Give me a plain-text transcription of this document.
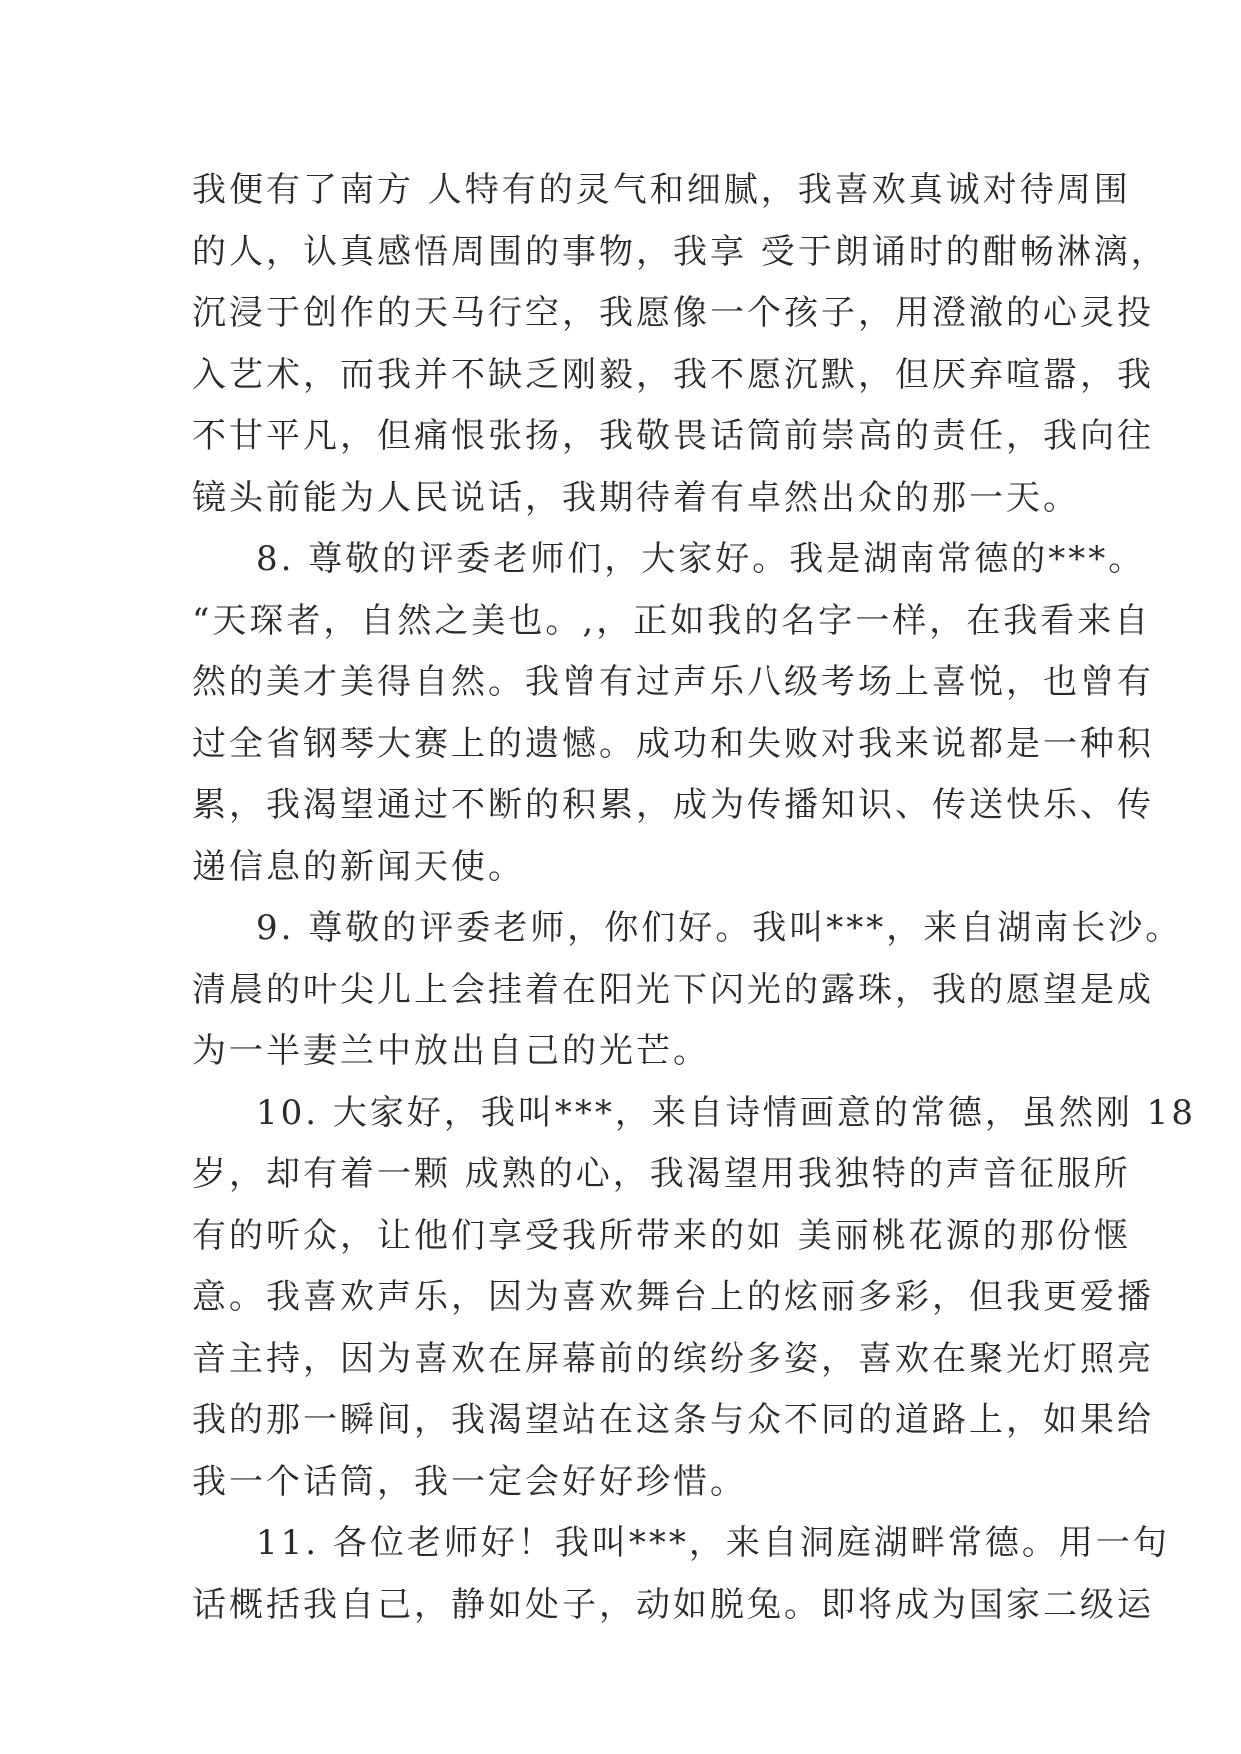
我便有了南方 人特有的灵气和细腻，我喜欢真诚对待周围
的人，认真感悟周围的事物，我享 受于朗诵时的酣畅淋漓，
沉浸于创作的天马行空，我愿像一个孩子，用澄澈的心灵投
入艺术，而我并不缺乏刚毅，我不愿沉默，但厌弃喧嚣，我
不甘平凡，但痛恨张扬，我敬畏话筒前崇高的责任，我向往
镜头前能为人民说话，我期待着有卓然出众的那一天。
8. 尊敬的评委老师们，大家好。我是湖南常德的***。
“天琛者，自然之美也。,，正如我的名字一样，在我看来自
然的美才美得自然。我曾有过声乐八级考场上喜悦，也曾有
过全省钢琴大赛上的遗憾。成功和失败对我来说都是一种积
累，我渴望通过不断的积累，成为传播知识、传送快乐、传
递信息的新闻天使。
9. 尊敬的评委老师，你们好。我叫***，来自湖南长沙。
清晨的叶尖儿上会挂着在阳光下闪光的露珠，我的愿望是成
为一半妻兰中放出自己的光芒。
10. 大家好，我叫***，来自诗情画意的常德，虽然刚 18
岁，却有着一颗 成熟的心，我渴望用我独特的声音征服所
有的听众，让他们享受我所带来的如 美丽桃花源的那份惬
意。我喜欢声乐，因为喜欢舞台上的炫丽多彩，但我更爱播
音主持，因为喜欢在屏幕前的缤纷多姿，喜欢在聚光灯照亮
我的那一瞬间，我渴望站在这条与众不同的道路上，如果给
我一个话筒，我一定会好好珍惜。
11. 各位老师好！我叫***，来自洞庭湖畔常德。用一句
话概括我自己，静如处子，动如脱兔。即将成为国家二级运
